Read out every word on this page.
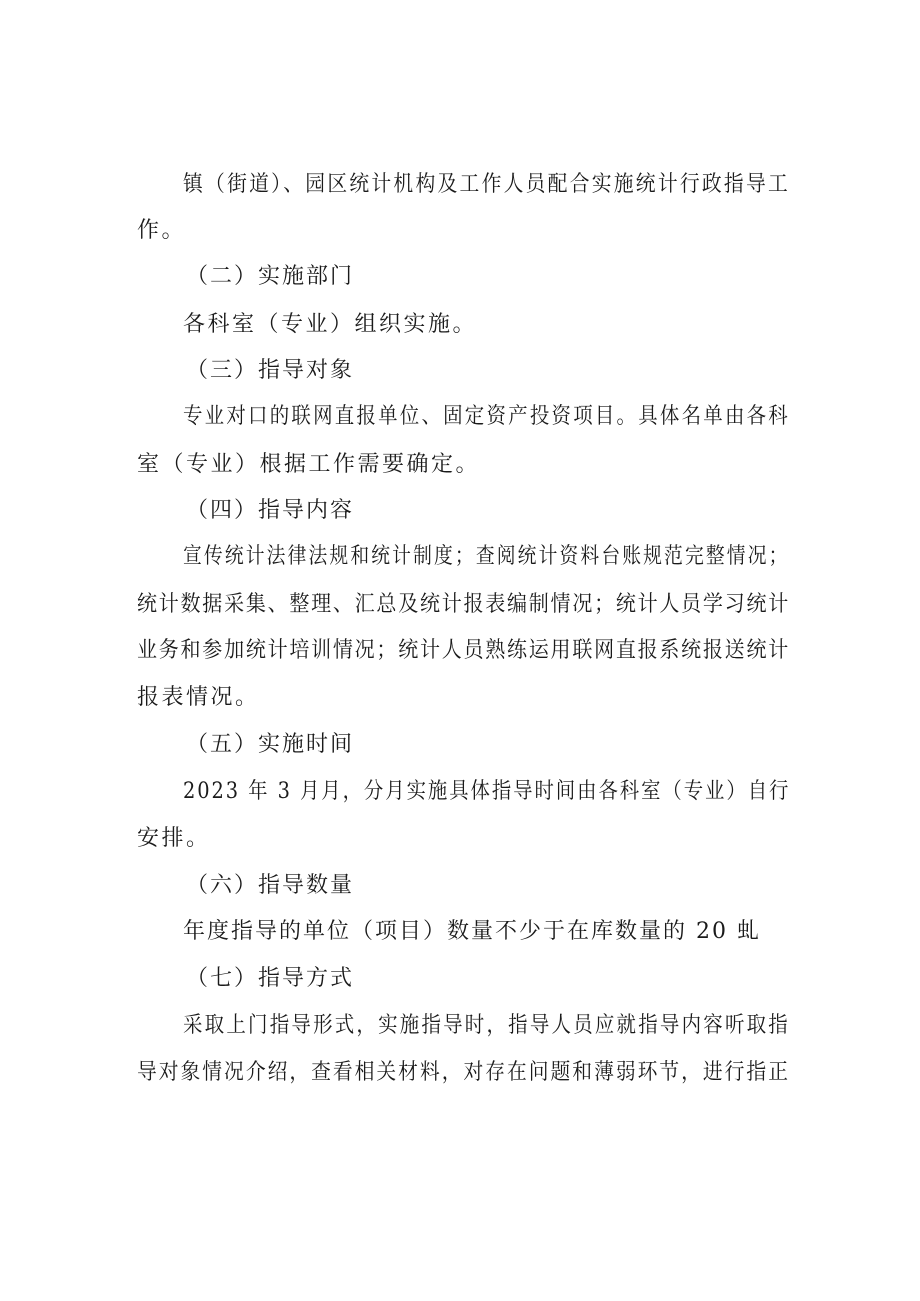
镇（街道）、园区统计机构及工作人员配合实施统计行政指导工
作。
（二）实施部门
各科室（专业）组织实施。
（三）指导对象
专业对口的联网直报单位、固定资产投资项目。具体名单由各科
室（专业）根据工作需要确定。
（四）指导内容
宣传统计法律法规和统计制度；查阅统计资料台账规范完整情况；
统计数据采集、整理、汇总及统计报表编制情况；统计人员学习统计
业务和参加统计培训情况；统计人员熟练运用联网直报系统报送统计
报表情况。
（五）实施时间
2023 年 3 月月，分月实施具体指导时间由各科室（专业）自行
安排。
（六）指导数量
年度指导的单位（项目）数量不少于在库数量的 20 虬
（七）指导方式
采取上门指导形式，实施指导时，指导人员应就指导内容听取指
导对象情况介绍，查看相关材料，对存在问题和薄弱环节，进行指正
